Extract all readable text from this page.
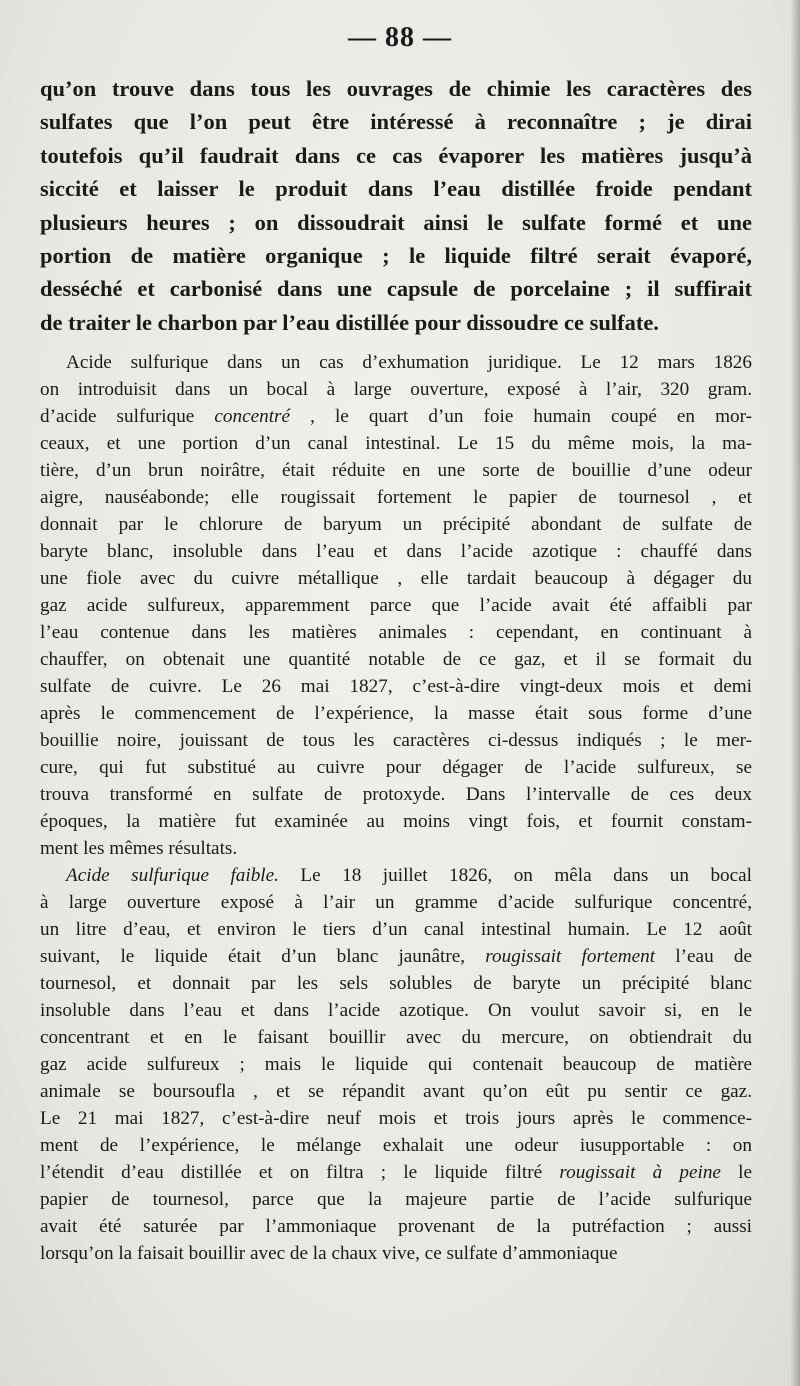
— 88 —
qu’on trouve dans tous les ouvrages de chimie les caractères des
sulfates que l’on peut être intéressé à reconnaître ; je dirai
toutefois qu’il faudrait dans ce cas évaporer les matières jusqu’à
siccité et laisser le produit dans l’eau distillée froide pendant
plusieurs heures ; on dissoudrait ainsi le sulfate formé et une
portion de matière organique ; le liquide filtré serait évaporé,
desséché et carbonisé dans une capsule de porcelaine ; il suffirait
de traiter le charbon par l’eau distillée pour dissoudre ce sulfate.
Acide sulfurique dans un cas d’exhumation juridique. Le 12 mars 1826
on introduisit dans un bocal à large ouverture, exposé à l’air, 320 gram.
d’acide sulfurique concentré , le quart d’un foie humain coupé en mor-
ceaux, et une portion d’un canal intestinal. Le 15 du même mois, la ma-
tière, d’un brun noirâtre, était réduite en une sorte de bouillie d’une odeur
aigre, nauséabonde; elle rougissait fortement le papier de tournesol , et
donnait par le chlorure de baryum un précipité abondant de sulfate de
baryte blanc, insoluble dans l’eau et dans l’acide azotique : chauffé dans
une fiole avec du cuivre métallique , elle tardait beaucoup à dégager du
gaz acide sulfureux, apparemment parce que l’acide avait été affaibli par
l’eau contenue dans les matières animales : cependant, en continuant à
chauffer, on obtenait une quantité notable de ce gaz, et il se formait du
sulfate de cuivre. Le 26 mai 1827, c’est-à-dire vingt-deux mois et demi
après le commencement de l’expérience, la masse était sous forme d’une
bouillie noire, jouissant de tous les caractères ci-dessus indiqués ; le mer-
cure, qui fut substitué au cuivre pour dégager de l’acide sulfureux, se
trouva transformé en sulfate de protoxyde. Dans l’intervalle de ces deux
époques, la matière fut examinée au moins vingt fois, et fournit constam-
ment les mêmes résultats.
Acide sulfurique faible. Le 18 juillet 1826, on mêla dans un bocal
à large ouverture exposé à l’air un gramme d’acide sulfurique concentré,
un litre d’eau, et environ le tiers d’un canal intestinal humain. Le 12 août
suivant, le liquide était d’un blanc jaunâtre, rougissait fortement l’eau de
tournesol, et donnait par les sels solubles de baryte un précipité blanc
insoluble dans l’eau et dans l’acide azotique. On voulut savoir si, en le
concentrant et en le faisant bouillir avec du mercure, on obtiendrait du
gaz acide sulfureux ; mais le liquide qui contenait beaucoup de matière
animale se boursoufla , et se répandit avant qu’on eût pu sentir ce gaz.
Le 21 mai 1827, c’est-à-dire neuf mois et trois jours après le commence-
ment de l’expérience, le mélange exhalait une odeur iusupportable : on
l’étendit d’eau distillée et on filtra ; le liquide filtré rougissait à peine le
papier de tournesol, parce que la majeure partie de l’acide sulfurique
avait été saturée par l’ammoniaque provenant de la putréfaction ; aussi
lorsqu’on la faisait bouillir avec de la chaux vive, ce sulfate d’ammoniaque
